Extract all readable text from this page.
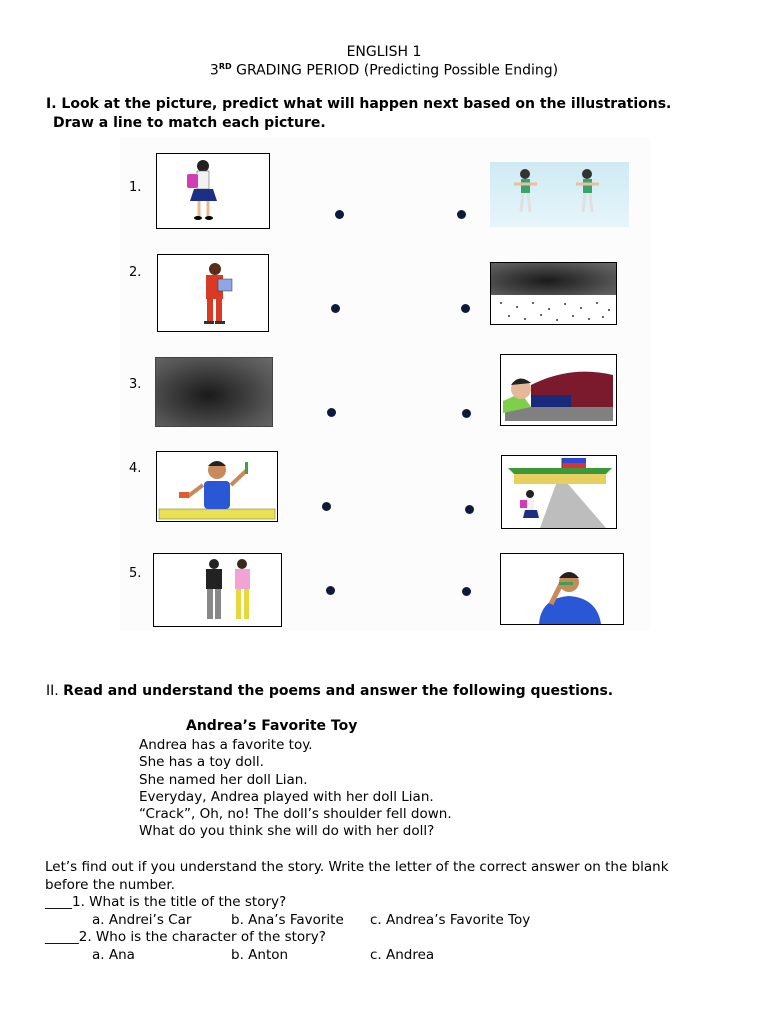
ENGLISH 1
3RD GRADING PERIOD (Predicting Possible Ending)
I. Look at the picture, predict what will happen next based on the illustrations.
Draw a line to match each picture.
1.
2.
3.
4.
5.
II. Read and understand the poems and answer the following questions.
Andrea’s Favorite Toy
Andrea has a favorite toy.
She has a toy doll.
She named her doll Lian.
Everyday, Andrea played with her doll Lian.
“Crack”, Oh, no! The doll’s shoulder fell down.
What do you think she will do with her doll?
Let’s find out if you understand the story. Write the letter of the correct answer on the blank
before the number.
____1. What is the title of the story?
a. Andrei’s Car	b. Ana’s Favorite c. Andrea’s Favorite Toy
_____2. Who is the character of the story?
a. Ana	b. Anton	c. Andrea
